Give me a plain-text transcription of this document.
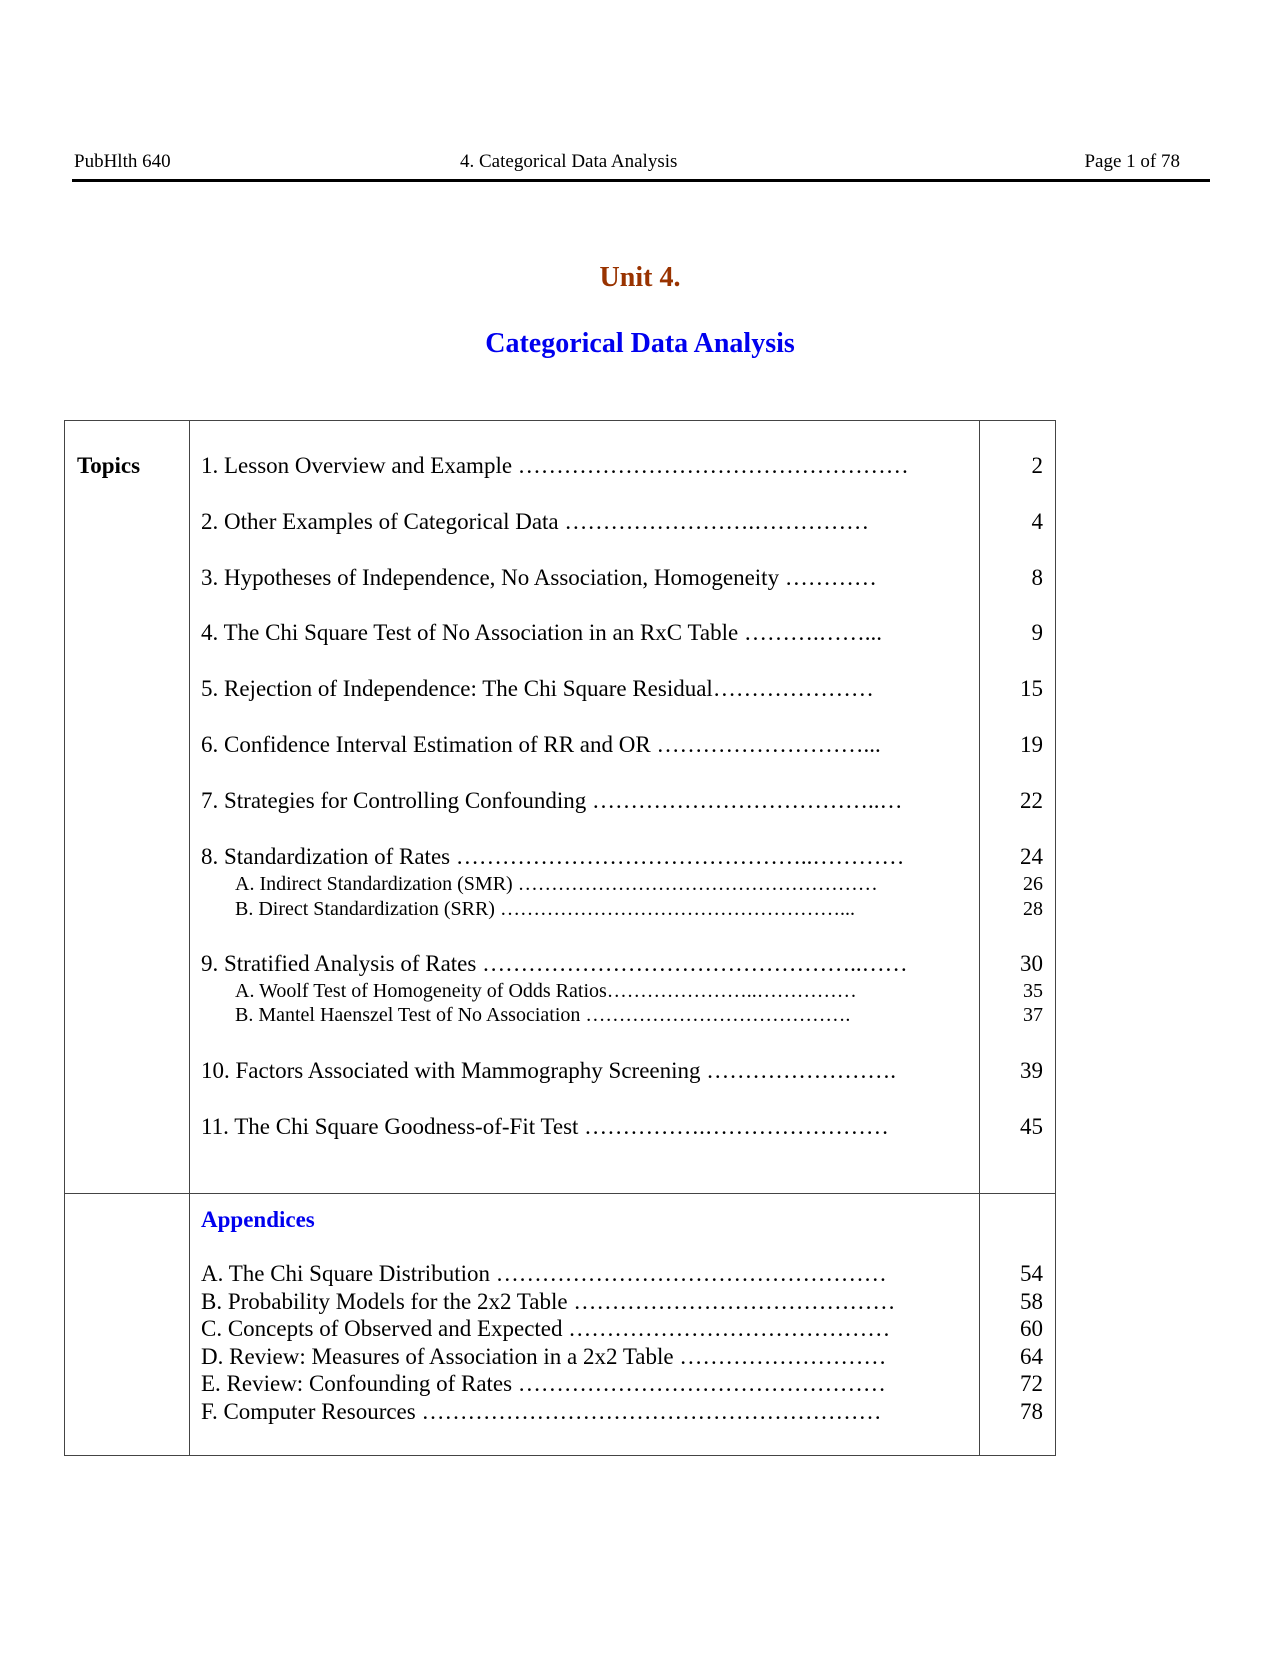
PubHlth 640	4. Categorical Data Analysis	Page 1 of 78
Unit 4.
Categorical Data Analysis
Topics	1. Lesson Overview and Example ……………………………………………	2
2. Other Examples of Categorical Data …………………….……………	4
3. Hypotheses of Independence, No Association, Homogeneity …………	8
4. The Chi Square Test of No Association in an RxC Table ……….……...	9
5. Rejection of Independence: The Chi Square Residual…………………	15
6. Confidence Interval Estimation of RR and OR ………………………...	19
7. Strategies for Controlling Confounding ………………………………..…	22
8. Standardization of Rates ………………………………………..…………	24
A. Indirect Standardization (SMR) ………………………………………………	26
B. Direct Standardization (SRR) ……………………………………………...	28
9. Stratified Analysis of Rates …………………………………………..……	30
A. Woolf Test of Homogeneity of Odds Ratios…………………..……………	35
B. Mantel Haenszel Test of No Association ………………………………….	37
10. Factors Associated with Mammography Screening …………………….	39
11. The Chi Square Goodness-of-Fit Test …………….……………………	45
Appendices
A. The Chi Square Distribution ……………………………………………	54
B. Probability Models for the 2x2 Table ……………………………………	58
C. Concepts of Observed and Expected ……………………………………	60
D. Review: Measures of Association in a 2x2 Table ………………………	64
E. Review: Confounding of Rates …………………………………………	72
F. Computer Resources ……………………………………………………	78
